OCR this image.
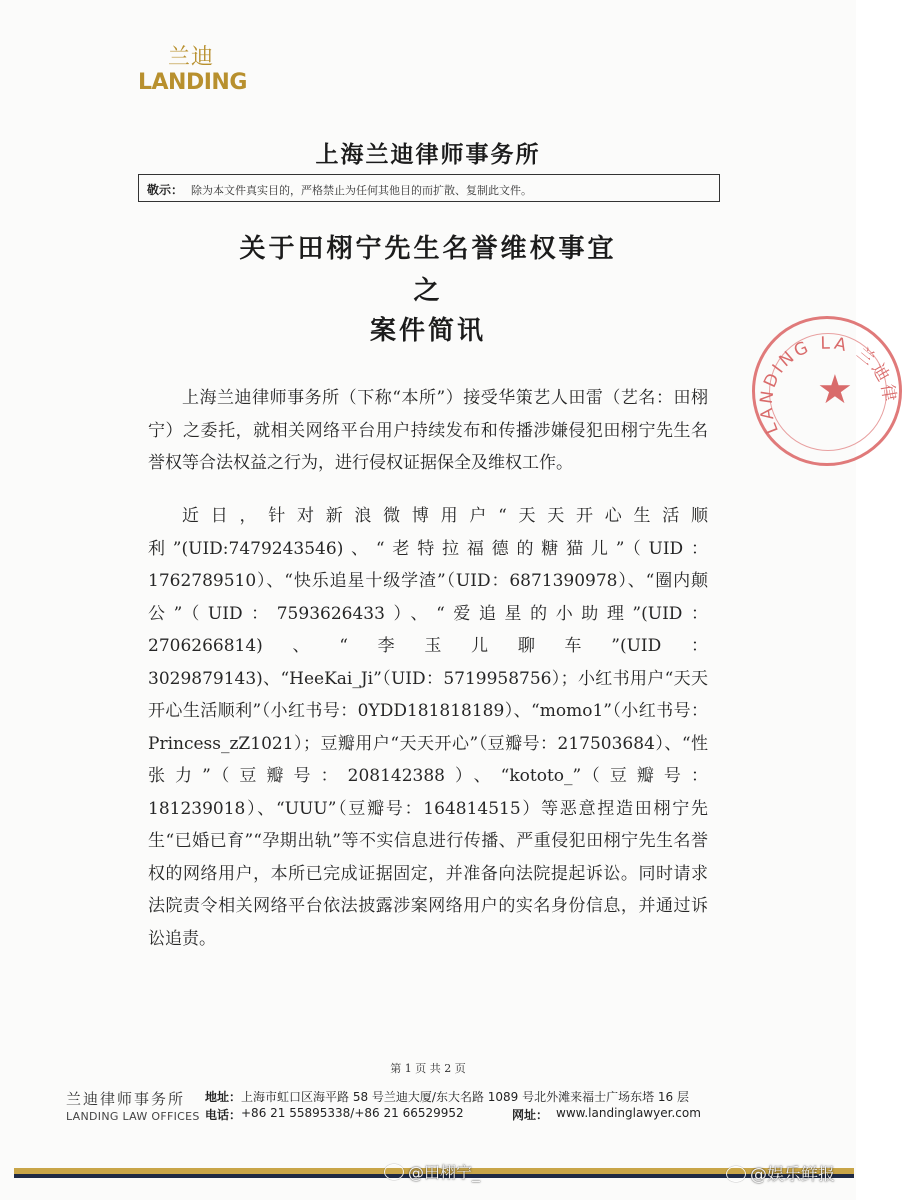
兰迪
LANDING
上海兰迪律师事务所
敬示： 除为本文件真实目的，严格禁止为任何其他目的而扩散、复制此文件。
关于田栩宁先生名誉维权事宜
之
案件简讯
上海兰迪律师事务所（下称“本所”）接受华策艺人田雷（艺名：田栩宁）之委托，就相关网络平台用户持续发布和传播涉嫌侵犯田栩宁先生名誉权等合法权益之行为，进行侵权证据保全及维权工作。
近日，针对新浪微博用户“天天开心生活顺利”(UID:7479243546)、“老特拉福德的糖猫儿”（UID：1762789510）、“快乐追星十级学渣”（UID：6871390978）、“圈内颠公”（UID：7593626433）、“爱追星的小助理”(UID：2706266814)、“李玉儿聊车”(UID：3029879143)、“HeeKai_Ji”（UID：5719958756）；小红书用户“天天开心生活顺利”（小红书号：0YDD181818189）、“momo1”（小红书号：Princess_zZ1021）；豆瓣用户“天天开心”（豆瓣号：217503684）、“性张力”（豆瓣号：208142388）、“kototo_”（豆瓣号：181239018）、“UUU”（豆瓣号：164814515）等恶意捏造田栩宁先生“已婚已育”“孕期出轨”等不实信息进行传播、严重侵犯田栩宁先生名誉权的网络用户，本所已完成证据固定，并准备向法院提起诉讼。同时请求法院责令相关网络平台依法披露涉案网络用户的实名身份信息，并通过诉讼追责。
★
LANDING LA 兰迪律
第 1 页 共 2 页
兰迪律师事务所
LANDING LAW OFFICES
地址： 上海市虹口区海平路 58 号兰迪大厦/东大名路 1089 号北外滩来福士广场东塔 16 层
电话： +86 21 55895338/+86 21 66529952	网址： www.landinglawyer.com
@田栩宁_	@娱乐鲜报
